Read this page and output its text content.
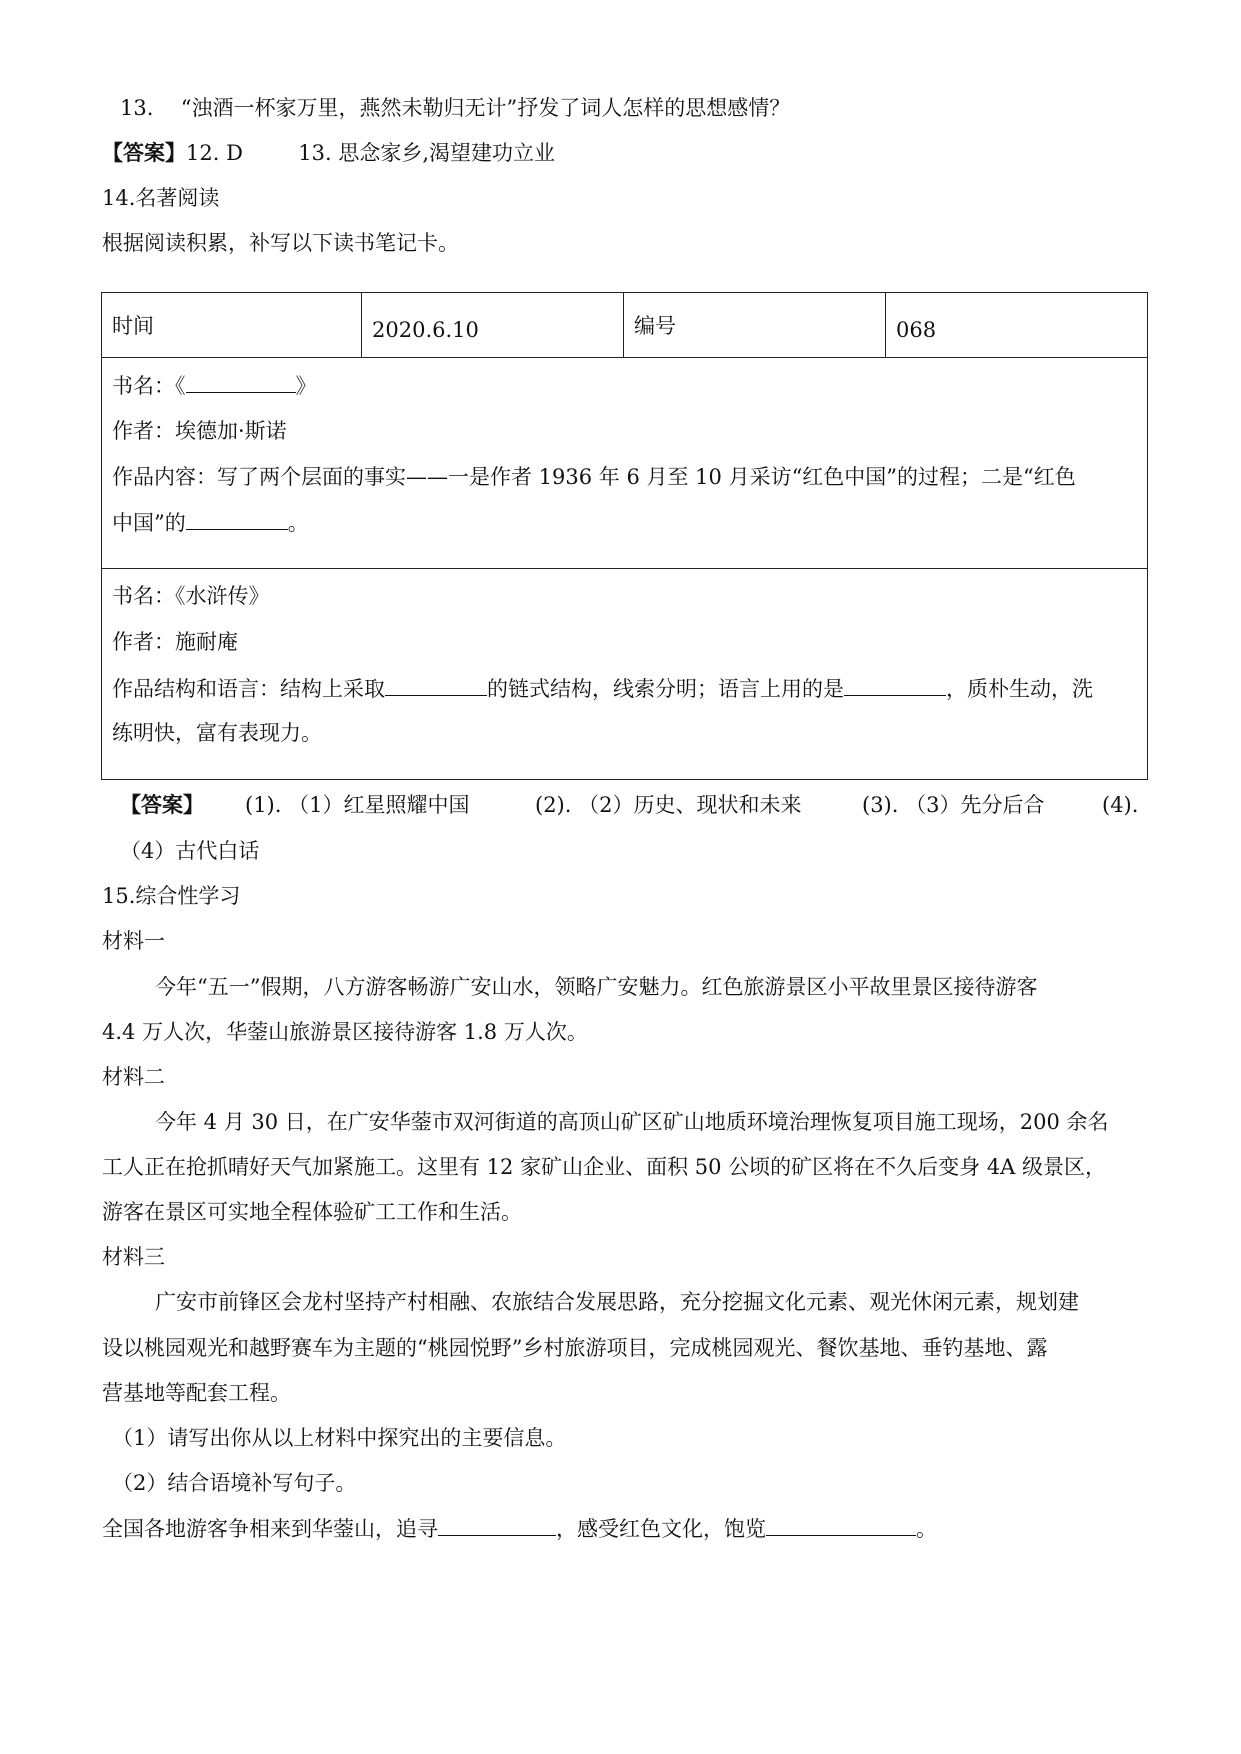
13. “浊酒一杯家万里，燕然未勒归无计”抒发了词人怎样的思想感情？
【答案】12. D	13. 思念家乡,渴望建功立业
14.名著阅读
根据阅读积累，补写以下读书笔记卡。
时间	2020.6.10	编号	068

书名：《	》
作者：埃德加·斯诺
作品内容：写了两个层面的事实——一是作者 1936 年 6 月至 10 月采访“红色中国”的过程；二是“红色
中国”的	。

书名：《水浒传》
作者：施耐庵
作品结构和语言：结构上采取	的链式结构，线索分明；语言上用的是	，质朴生动，洗
练明快，富有表现力。
【答案】 (1). （1）红星照耀中国	(2). （2）历史、现状和未来	(3). （3）先分后合	(4).
（4）古代白话
15.综合性学习
材料一
今年“五一”假期，八方游客畅游广安山水，领略广安魅力。红色旅游景区小平故里景区接待游客
4.4 万人次，华蓥山旅游景区接待游客 1.8 万人次。
材料二
今年 4 月 30 日，在广安华蓥市双河街道的高顶山矿区矿山地质环境治理恢复项目施工现场，200 余名
工人正在抢抓晴好天气加紧施工。这里有 12 家矿山企业、面积 50 公顷的矿区将在不久后变身 4A 级景区，
游客在景区可实地全程体验矿工工作和生活。
材料三
广安市前锋区会龙村坚持产村相融、农旅结合发展思路，充分挖掘文化元素、观光休闲元素，规划建
设以桃园观光和越野赛车为主题的“桃园悦野”乡村旅游项目，完成桃园观光、餐饮基地、垂钓基地、露
营基地等配套工程。
（1）请写出你从以上材料中探究出的主要信息。
（2）结合语境补写句子。
全国各地游客争相来到华蓥山，追寻	，感受红色文化，饱览	。
